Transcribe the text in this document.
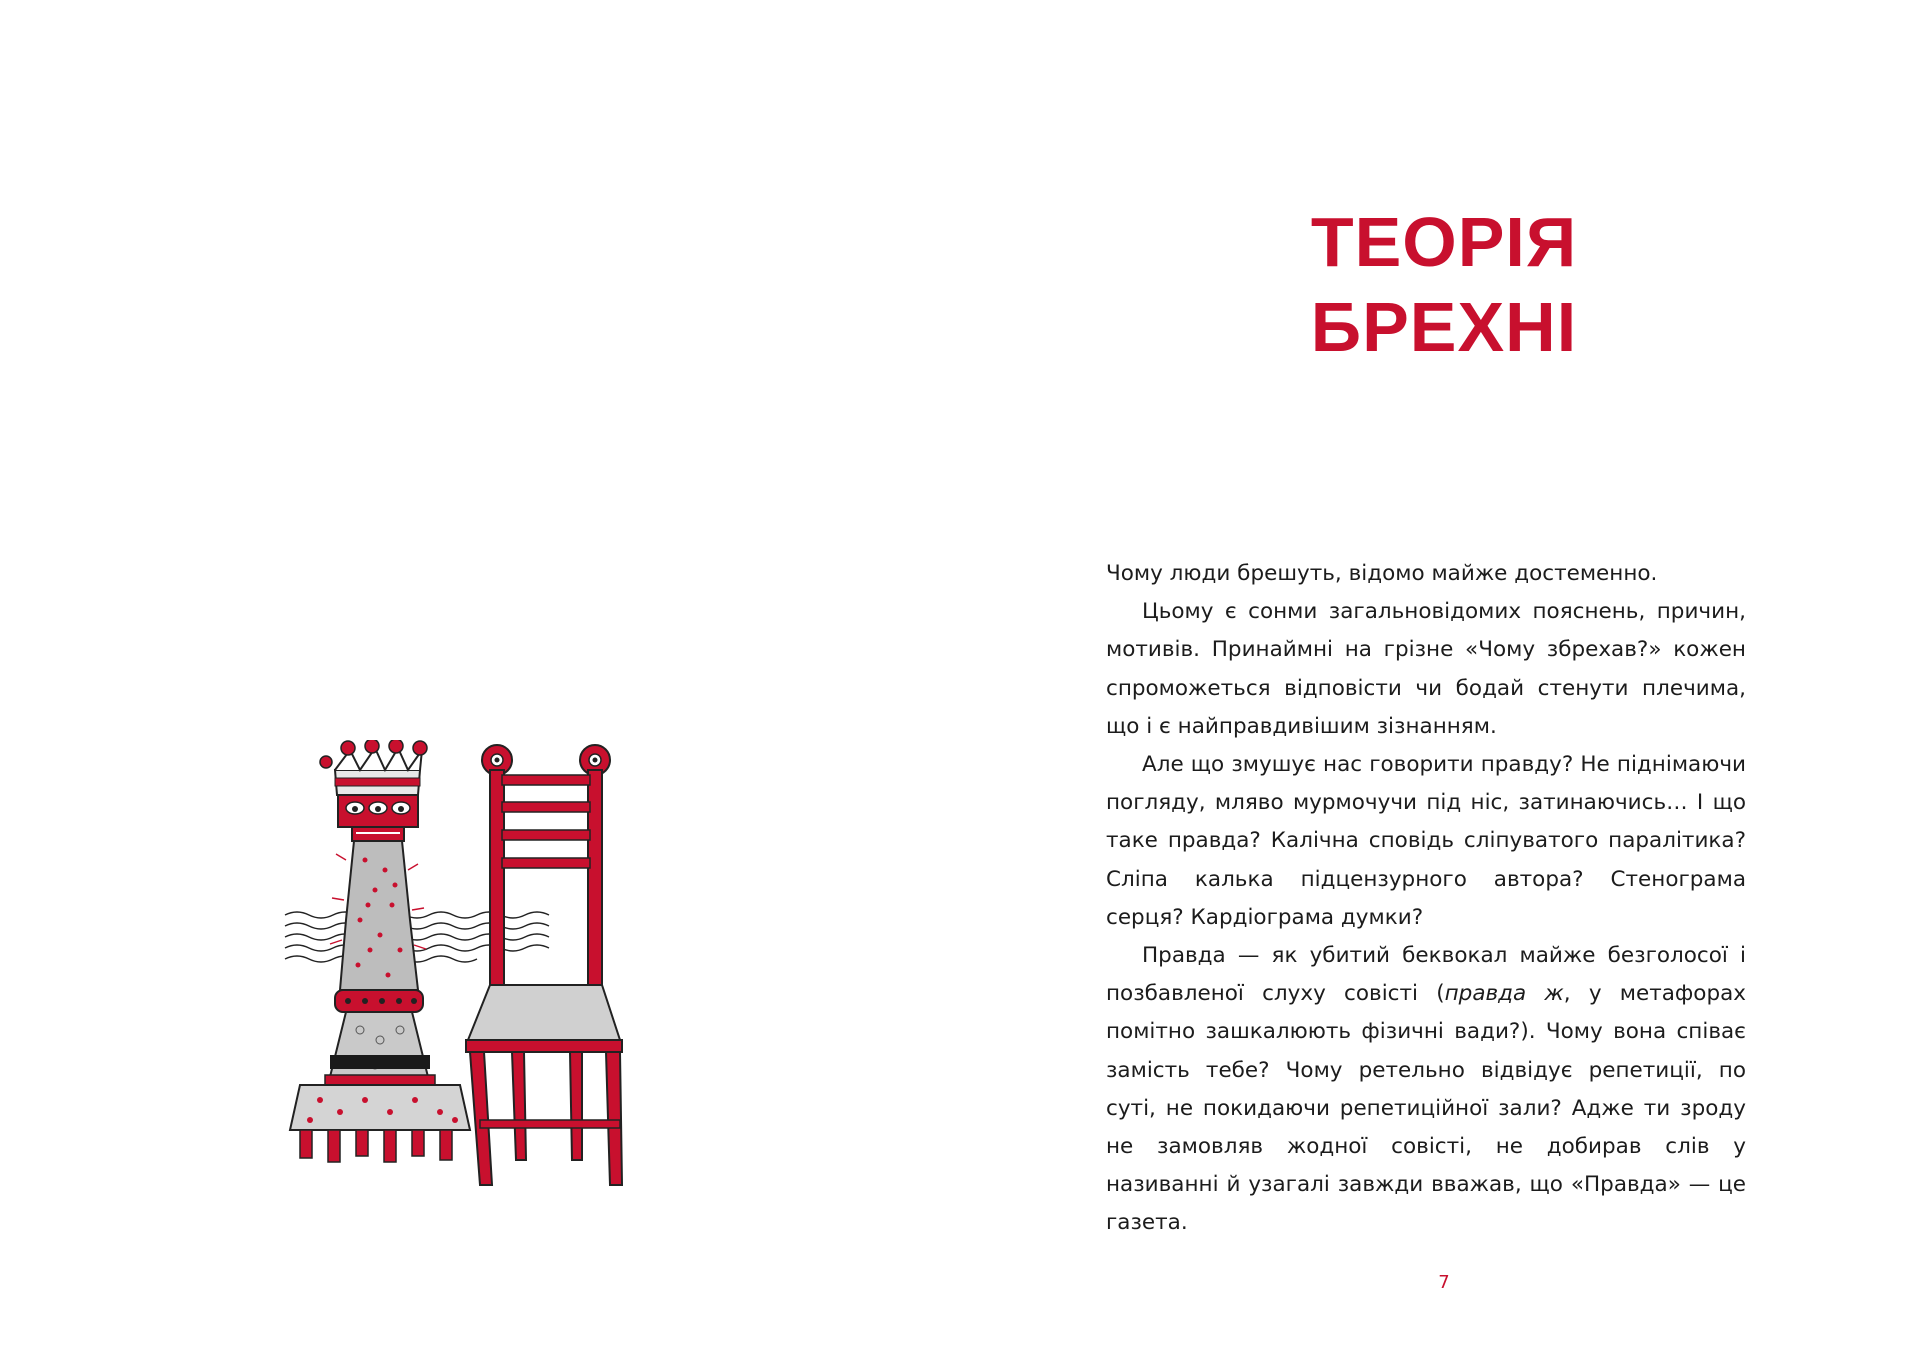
ТЕОРІЯ
БРЕХНІ

Чому люди брешуть, відомо майже достеменно.

Цьому є сонми загальновідомих пояснень, причин, мотивів. Принаймні на грізне «Чому збрехав?» кожен спроможеться відповісти чи бодай стенути плечима, що і є найправдивішим зізнанням.

Але що змушує нас говорити правду? Не піднімаючи погляду, мляво мурмочучи під ніс, затинаючись… І що таке правда? Калічна сповідь сліпуватого паралітика? Сліпа калька підцензурного автора? Стенограма серця? Кардіограма думки?

Правда — як убитий беквокал майже безголосої і позбавленої слуху совісті (правда ж, у метафорах помітно зашкалюють фізичні вади?). Чому вона співає замість тебе? Чому ретельно відвідує репетиції, по суті, не покидаючи репетиційної зали? Адже ти зроду не замовляв жодної совісті, не добирав слів у називанні й узагалі завжди вважав, що «Правда» — це газета.

7
